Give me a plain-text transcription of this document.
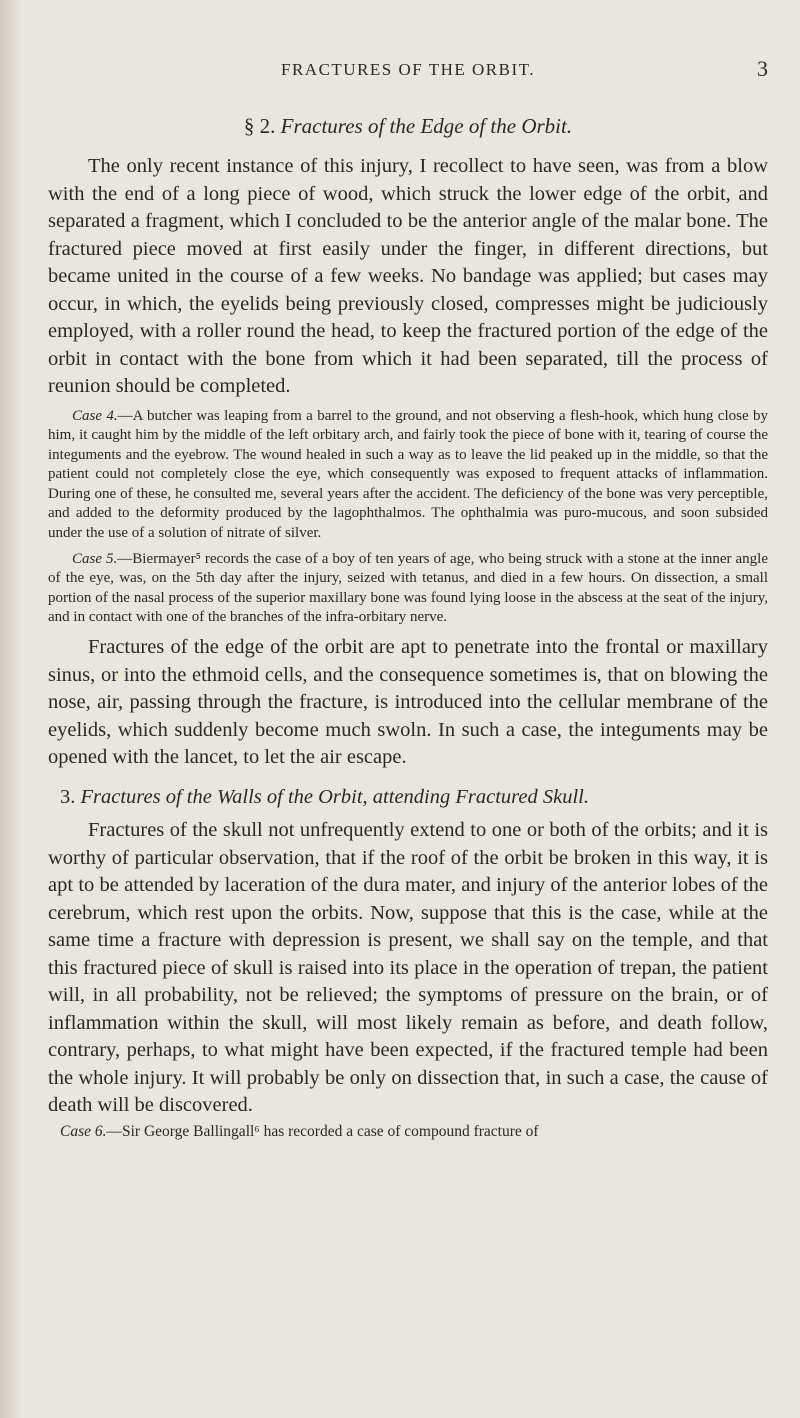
FRACTURES OF THE ORBIT.	3
§ 2. Fractures of the Edge of the Orbit.

The only recent instance of this injury, I recollect to have seen, was from a blow with the end of a long piece of wood, which struck the lower edge of the orbit, and separated a fragment, which I concluded to be the anterior angle of the malar bone. The fractured piece moved at first easily under the finger, in different directions, but became united in the course of a few weeks. No bandage was applied; but cases may occur, in which, the eyelids being previously closed, compresses might be judiciously employed, with a roller round the head, to keep the fractured portion of the edge of the orbit in contact with the bone from which it had been separated, till the process of reunion should be completed.

Case 4.—A butcher was leaping from a barrel to the ground, and not observing a flesh-hook, which hung close by him, it caught him by the middle of the left orbitary arch, and fairly took the piece of bone with it, tearing of course the integuments and the eyebrow. The wound healed in such a way as to leave the lid peaked up in the middle, so that the patient could not completely close the eye, which consequently was exposed to frequent attacks of inflammation. During one of these, he consulted me, several years after the accident. The deficiency of the bone was very perceptible, and added to the deformity produced by the lagophthalmos. The ophthalmia was puro-mucous, and soon subsided under the use of a solution of nitrate of silver.

Case 5.—Biermayer⁵ records the case of a boy of ten years of age, who being struck with a stone at the inner angle of the eye, was, on the 5th day after the injury, seized with tetanus, and died in a few hours. On dissection, a small portion of the nasal process of the superior maxillary bone was found lying loose in the abscess at the seat of the injury, and in contact with one of the branches of the infra-orbitary nerve.

Fractures of the edge of the orbit are apt to penetrate into the frontal or maxillary sinus, or into the ethmoid cells, and the consequence sometimes is, that on blowing the nose, air, passing through the fracture, is introduced into the cellular membrane of the eyelids, which suddenly become much swoln. In such a case, the integuments may be opened with the lancet, to let the air escape.

3. Fractures of the Walls of the Orbit, attending Fractured Skull.

Fractures of the skull not unfrequently extend to one or both of the orbits; and it is worthy of particular observation, that if the roof of the orbit be broken in this way, it is apt to be attended by laceration of the dura mater, and injury of the anterior lobes of the cerebrum, which rest upon the orbits. Now, suppose that this is the case, while at the same time a fracture with depression is present, we shall say on the temple, and that this fractured piece of skull is raised into its place in the operation of trepan, the patient will, in all probability, not be relieved; the symptoms of pressure on the brain, or of inflammation within the skull, will most likely remain as before, and death follow, contrary, perhaps, to what might have been expected, if the fractured temple had been the whole injury. It will probably be only on dissection that, in such a case, the cause of death will be discovered.

Case 6.—Sir George Ballingall⁶ has recorded a case of compound fracture of
